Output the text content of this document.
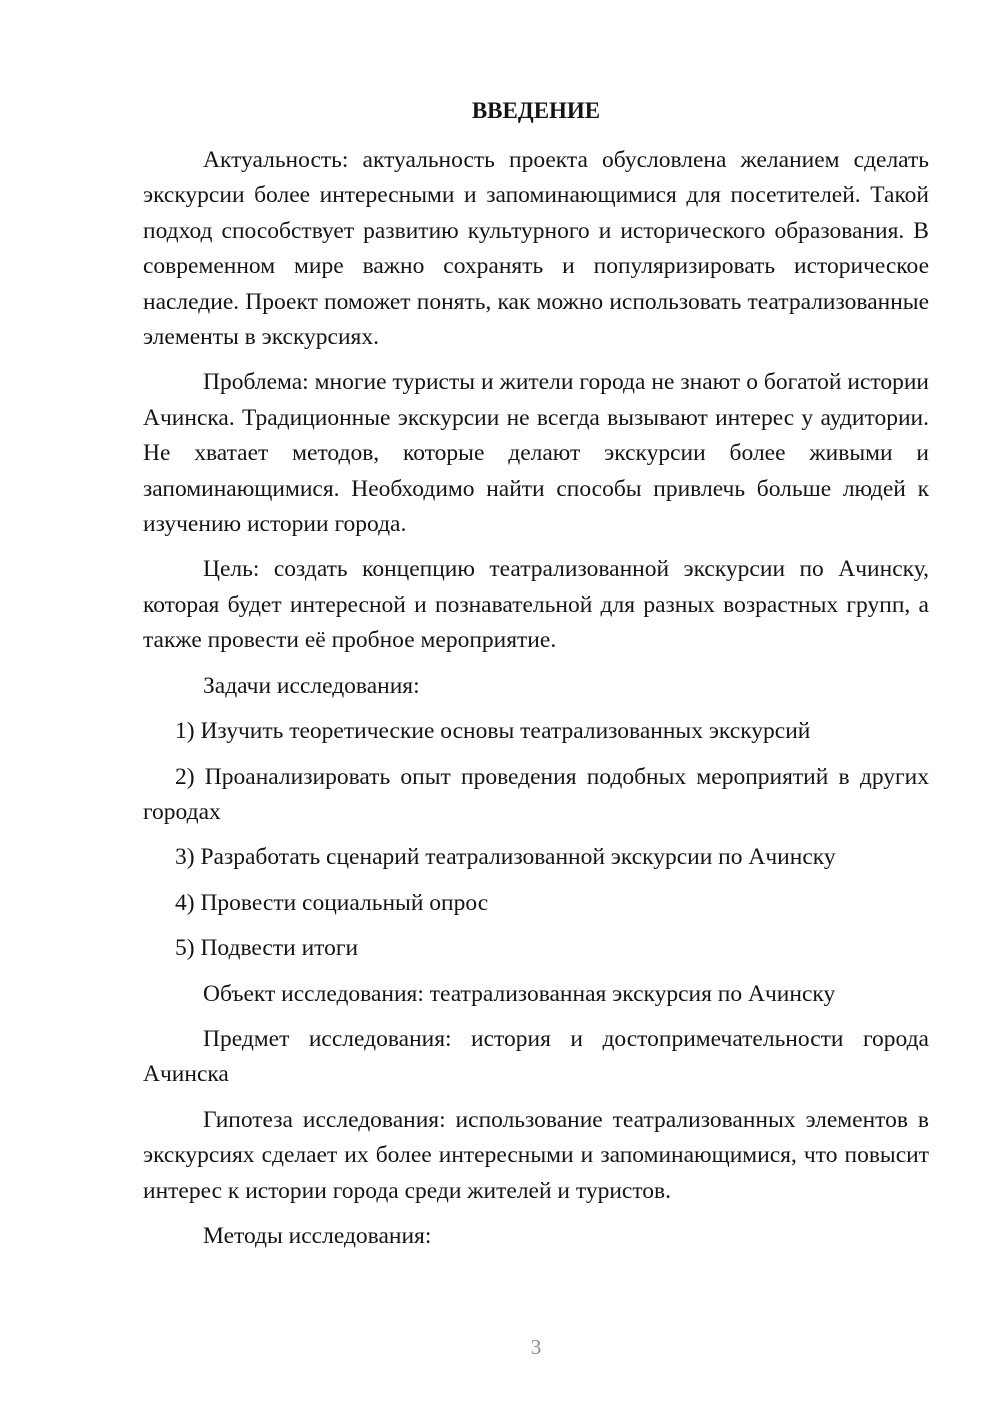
ВВЕДЕНИЕ

Актуальность: актуальность проекта обусловлена желанием сделать экскурсии более интересными и запоминающимися для посетителей. Такой подход способствует развитию культурного и исторического образования. В современном мире важно сохранять и популяризировать историческое наследие. Проект поможет понять, как можно использовать театрализованные элементы в экскурсиях.

Проблема: многие туристы и жители города не знают о богатой истории Ачинска. Традиционные экскурсии не всегда вызывают интерес у аудитории. Не хватает методов, которые делают экскурсии более живыми и запоминающимися. Необходимо найти способы привлечь больше людей к изучению истории города.

Цель: создать концепцию театрализованной экскурсии по Ачинску, которая будет интересной и познавательной для разных возрастных групп, а также провести её пробное мероприятие.

Задачи исследования:

1) Изучить теоретические основы театрализованных экскурсий

2) Проанализировать опыт проведения подобных мероприятий в других городах

3) Разработать сценарий театрализованной экскурсии по Ачинску

4) Провести социальный опрос

5) Подвести итоги

Объект исследования: театрализованная экскурсия по Ачинску

Предмет исследования: история и достопримечательности города Ачинска

Гипотеза исследования: использование театрализованных элементов в экскурсиях сделает их более интересными и запоминающимися, что повысит интерес к истории города среди жителей и туристов.

Методы исследования:

3
